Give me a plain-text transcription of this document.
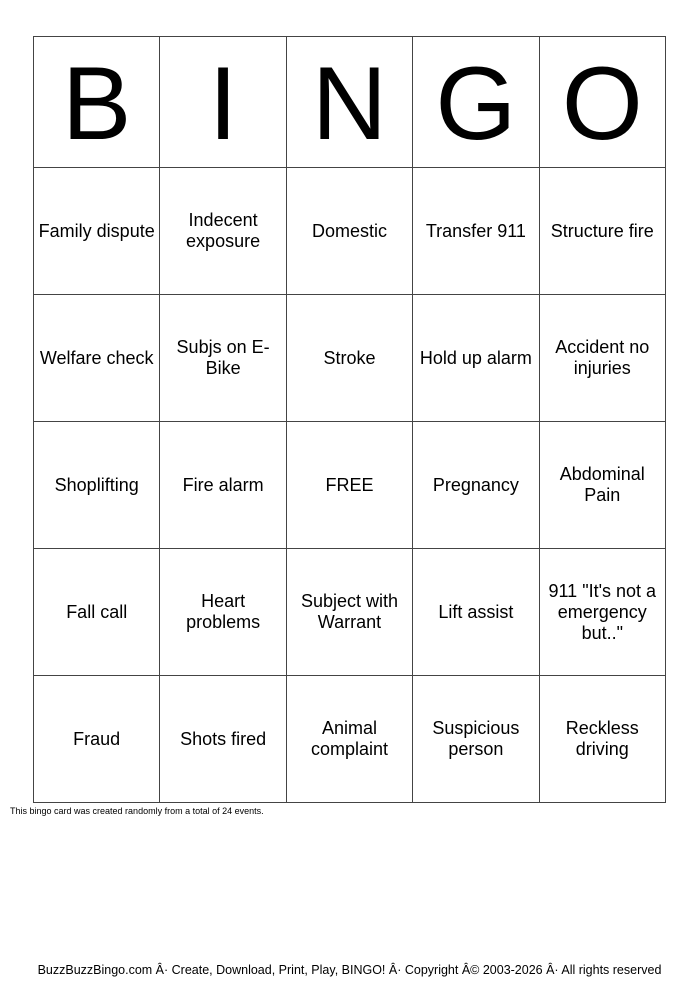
B	I	N	G	O
Family dispute	Indecent exposure	Domestic	Transfer 911	Structure fire
Welfare check	Subjs on E-Bike	Stroke	Hold up alarm	Accident no injuries
Shoplifting	Fire alarm	FREE	Pregnancy	Abdominal Pain
Fall call	Heart problems	Subject with Warrant	Lift assist	911 "It's not a emergency but.."
Fraud	Shots fired	Animal complaint	Suspicious person	Reckless driving
This bingo card was created randomly from a total of 24 events.
BuzzBuzzBingo.com Â· Create, Download, Print, Play, BINGO! Â· Copyright Â© 2003-2026 Â· All rights reserved
